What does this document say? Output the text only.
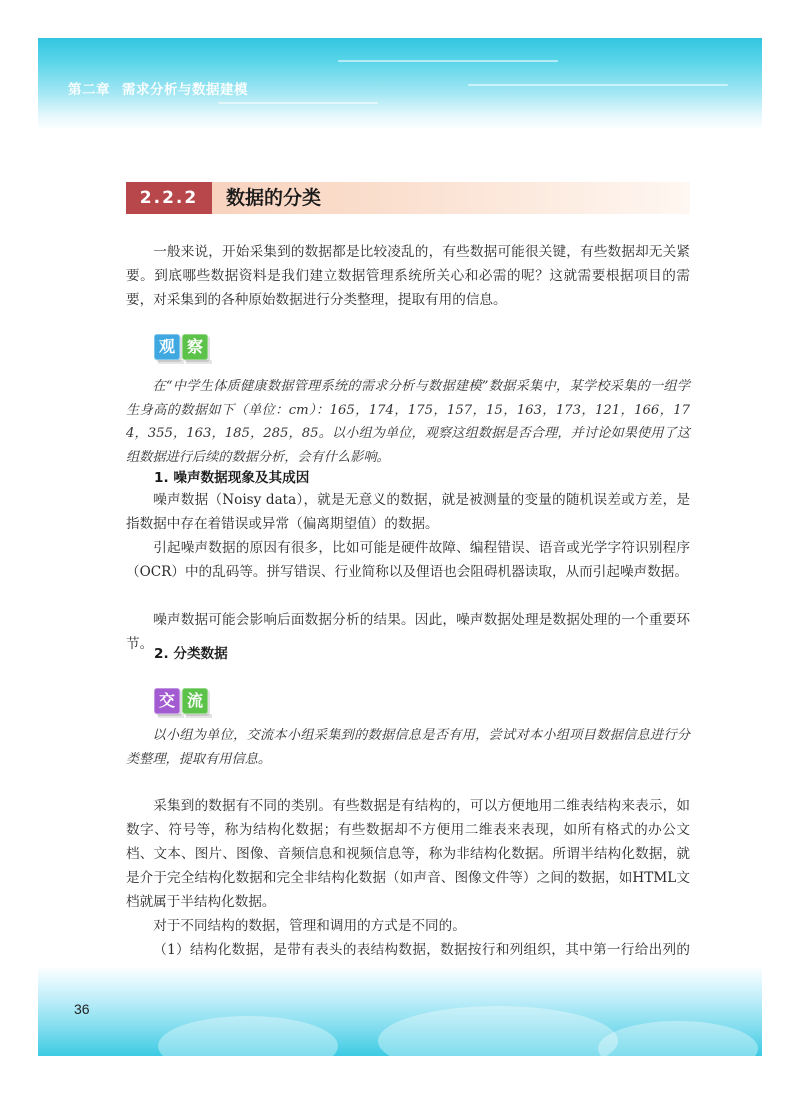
第二章 需求分析与数据建模
2.2.2	数据的分类

一般来说，开始采集到的数据都是比较凌乱的，有些数据可能很关键，有些数据却无关紧要。到底哪些数据资料是我们建立数据管理系统所关心和必需的呢？这就需要根据项目的需要，对采集到的各种原始数据进行分类整理，提取有用的信息。

观 察

在“中学生体质健康数据管理系统的需求分析与数据建模”数据采集中，某学校采集的一组学生身高的数据如下（单位：cm）：165，174，175，157，15，163，173，121，166，174，355，163，185，285，85。以小组为单位，观察这组数据是否合理，并讨论如果使用了这组数据进行后续的数据分析，会有什么影响。

1. 噪声数据现象及其成因

噪声数据（Noisy data），就是无意义的数据，就是被测量的变量的随机误差或方差，是指数据中存在着错误或异常（偏离期望值）的数据。

引起噪声数据的原因有很多，比如可能是硬件故障、编程错误、语音或光学字符识别程序（OCR）中的乱码等。拼写错误、行业简称以及俚语也会阻碍机器读取，从而引起噪声数据。

噪声数据可能会影响后面数据分析的结果。因此，噪声数据处理是数据处理的一个重要环节。

2. 分类数据
交 流

以小组为单位，交流本小组采集到的数据信息是否有用，尝试对本小组项目数据信息进行分类整理，提取有用信息。

采集到的数据有不同的类别。有些数据是有结构的，可以方便地用二维表结构来表示，如数字、符号等，称为结构化数据；有些数据却不方便用二维表来表现，如所有格式的办公文档、文本、图片、图像、音频信息和视频信息等，称为非结构化数据。所谓半结构化数据，就是介于完全结构化数据和完全非结构化数据（如声音、图像文件等）之间的数据，如HTML文档就属于半结构化数据。

对于不同结构的数据，管理和调用的方式是不同的。

（1）结构化数据，是带有表头的表结构数据，数据按行和列组织，其中第一行给出列的

36
